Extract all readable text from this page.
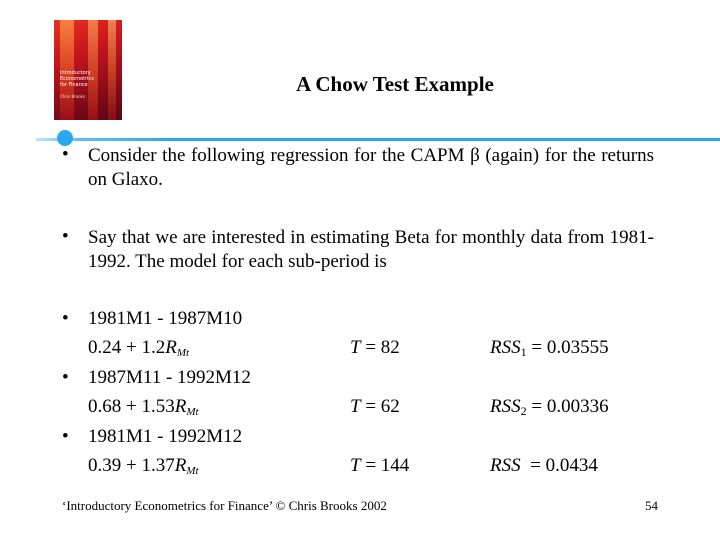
Introductory
Econometrics
for Finance
Chris Brooks
A Chow Test Example
• Consider the following regression for the CAPM β (again) for the returns on Glaxo.
• Say that we are interested in estimating Beta for monthly data from 1981-1992. The model for each sub-period is
• 1981M1 - 1987M10
$0.24 + 1.2R_{Mt}$	T = 82	$RSS_1 = 0.03555$
• 1987M11 - 1992M12
$0.68 + 1.53R_{Mt}$	T = 62	$RSS_2 = 0.00336$
• 1981M1 - 1992M12
$0.39 + 1.37R_{Mt}$	T = 144	RSS  = 0.0434
‘Introductory Econometrics for Finance’ © Chris Brooks 2002	54
